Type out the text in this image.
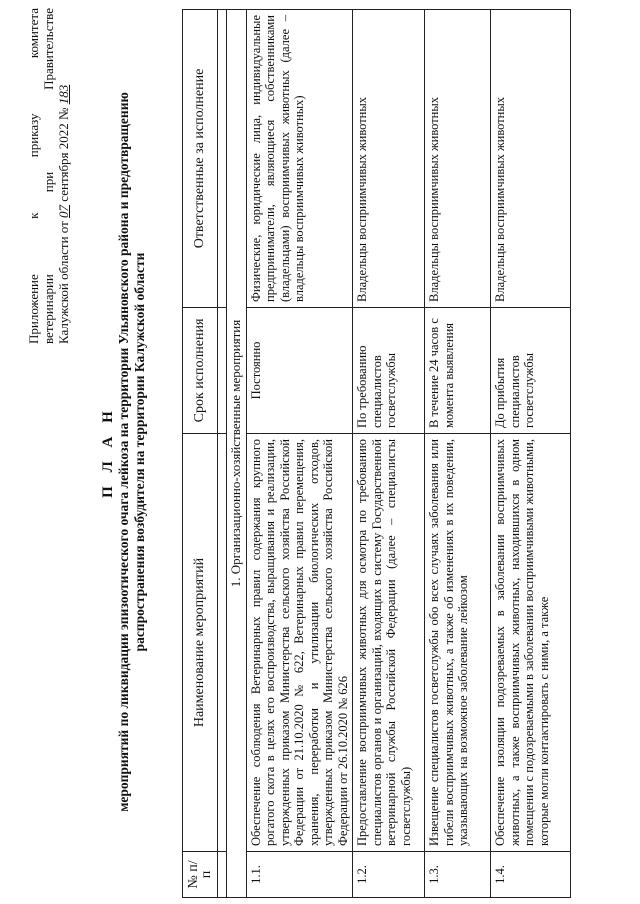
Приложение к приказу комитета ветеринарии при Правительстве Калужской области от 07 сентября 2022 № 183
П Л А Н мероприятий по ликвидации эпизоотического очага лейкоза на территории Ульяновского района и предотвращению распространения возбудителя на территории Калужской области
№ п/п	Наименование мероприятий	Срок исполнения	Ответственные за исполнение

1. Организационно-хозяйственные мероприятия			
1.1.	Обеспечение соблюдения Ветеринарных правил содержания крупного рогатого скота в целях его воспроизводства, выращивания и реализации, утвержденных приказом Министерства сельского хозяйства Российской Федерации от 21.10.2020 № 622, Ветеринарных правил перемещения, хранения, переработки и утилизации биологических отходов, утвержденных приказом Министерства сельского хозяйства Российской Федерации от 26.10.2020 № 626	Постоянно	Физические, юридические лица, индивидуальные предприниматели, являющиеся собственниками (владельцами) восприимчивых животных (далее – владельцы восприимчивых животных)
1.2.	Предоставление восприимчивых животных для осмотра по требованию специалистов органов и организаций, входящих в систему Государственной ветеринарной службы Российской Федерации (далее – специалисты госветслужбы)	По требованию специалистов госветслужбы	Владельцы восприимчивых животных
1.3.	Извещение специалистов госветслужбы обо всех случаях заболевания или гибели восприимчивых животных, а также об изменениях в их поведении, указывающих на возможное заболевание лейкозом	В течение 24 часов с момента выявления	Владельцы восприимчивых животных
1.4.	Обеспечение изоляции подозреваемых в заболевании восприимчивых животных, а также восприимчивых животных, находившихся в одном помещении с подозреваемыми в заболевании восприимчивыми животными, которые могли контактировать с ними, а также	До прибытия специалистов госветслужбы	Владельцы восприимчивых животных
